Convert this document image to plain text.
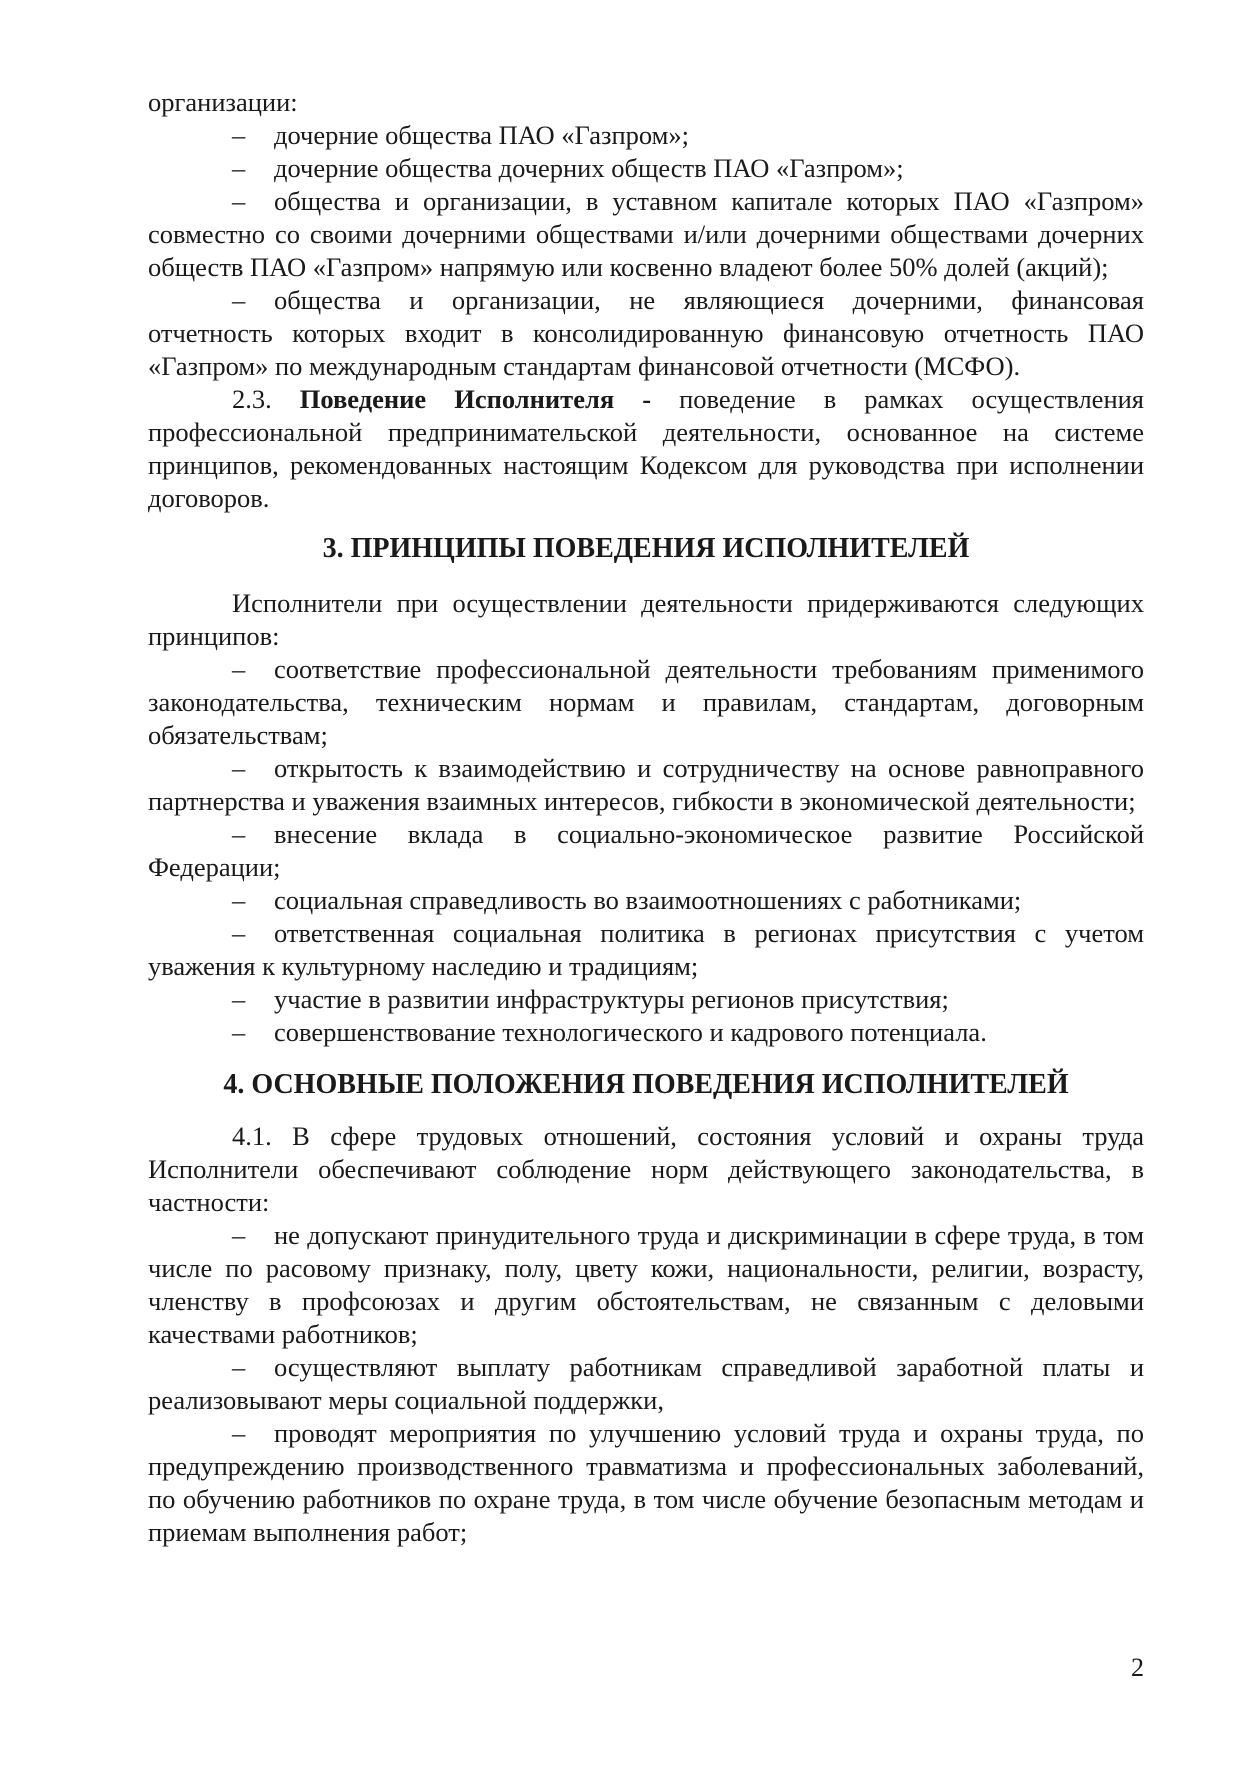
организации:

– дочерние общества ПАО «Газпром»;

– дочерние общества дочерних обществ ПАО «Газпром»;

– общества и организации, в уставном капитале которых ПАО «Газпром» совместно со своими дочерними обществами и/или дочерними обществами дочерних обществ ПАО «Газпром» напрямую или косвенно владеют более 50% долей (акций);

– общества и организации, не являющиеся дочерними, финансовая отчетность которых входит в консолидированную финансовую отчетность ПАО «Газпром» по международным стандартам финансовой отчетности (МСФО).

2.3. Поведение Исполнителя - поведение в рамках осуществления профессиональной предпринимательской деятельности, основанное на системе принципов, рекомендованных настоящим Кодексом для руководства при исполнении договоров.

3. ПРИНЦИПЫ ПОВЕДЕНИЯ ИСПОЛНИТЕЛЕЙ

Исполнители при осуществлении деятельности придерживаются следующих принципов:

– соответствие профессиональной деятельности требованиям применимого законодательства, техническим нормам и правилам, стандартам, договорным обязательствам;

– открытость к взаимодействию и сотрудничеству на основе равноправного партнерства и уважения взаимных интересов, гибкости в экономической деятельности;

– внесение вклада в социально-экономическое развитие Российской Федерации;

– социальная справедливость во взаимоотношениях с работниками;

– ответственная социальная политика в регионах присутствия с учетом уважения к культурному наследию и традициям;

– участие в развитии инфраструктуры регионов присутствия;

– совершенствование технологического и кадрового потенциала.

4. ОСНОВНЫЕ ПОЛОЖЕНИЯ ПОВЕДЕНИЯ ИСПОЛНИТЕЛЕЙ

4.1. В сфере трудовых отношений, состояния условий и охраны труда Исполнители обеспечивают соблюдение норм действующего законодательства, в частности:

– не допускают принудительного труда и дискриминации в сфере труда, в том числе по расовому признаку, полу, цвету кожи, национальности, религии, возрасту, членству в профсоюзах и другим обстоятельствам, не связанным с деловыми качествами работников;

– осуществляют выплату работникам справедливой заработной платы и реализовывают меры социальной поддержки,

– проводят мероприятия по улучшению условий труда и охраны труда, по предупреждению производственного травматизма и профессиональных заболеваний, по обучению работников по охране труда, в том числе обучение безопасным методам и приемам выполнения работ;

2
